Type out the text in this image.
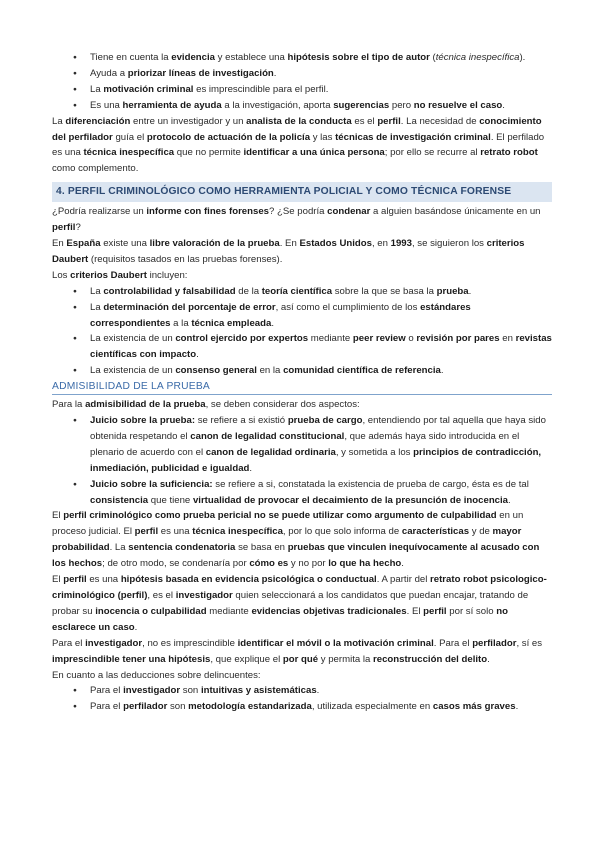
● Tiene en cuenta la evidencia y establece una hipótesis sobre el tipo de autor (técnica inespecífica).
● Ayuda a priorizar líneas de investigación.
● La motivación criminal es imprescindible para el perfil.
● Es una herramienta de ayuda a la investigación, aporta sugerencias pero no resuelve el caso.

La diferenciación entre un investigador y un analista de la conducta es el perfil. La necesidad de conocimiento del perfilador guía el protocolo de actuación de la policía y las técnicas de investigación criminal. El perfilado es una técnica inespecífica que no permite identificar a una única persona; por ello se recurre al retrato robot como complemento.

4. PERFIL CRIMINOLÓGICO COMO HERRAMIENTA POLICIAL Y COMO TÉCNICA FORENSE

¿Podría realizarse un informe con fines forenses? ¿Se podría condenar a alguien basándose únicamente en un perfil?

En España existe una libre valoración de la prueba. En Estados Unidos, en 1993, se siguieron los criterios Daubert (requisitos tasados en las pruebas forenses).

Los criterios Daubert incluyen:

● La controlabilidad y falsabilidad de la teoría científica sobre la que se basa la prueba.
● La determinación del porcentaje de error, así como el cumplimiento de los estándares correspondientes a la técnica empleada.
● La existencia de un control ejercido por expertos mediante peer review o revisión por pares en revistas científicas con impacto.
● La existencia de un consenso general en la comunidad científica de referencia.
ADMISIBILIDAD DE LA PRUEBA

Para la admisibilidad de la prueba, se deben considerar dos aspectos:

● Juicio sobre la prueba: se refiere a si existió prueba de cargo, entendiendo por tal aquella que haya sido obtenida respetando el canon de legalidad constitucional, que además haya sido introducida en el plenario de acuerdo con el canon de legalidad ordinaria, y sometida a los principios de contradicción, inmediación, publicidad e igualdad.
● Juicio sobre la suficiencia: se refiere a si, constatada la existencia de prueba de cargo, ésta es de tal consistencia que tiene virtualidad de provocar el decaimiento de la presunción de inocencia.

El perfil criminológico como prueba pericial no se puede utilizar como argumento de culpabilidad en un proceso judicial. El perfil es una técnica inespecífica, por lo que solo informa de características y de mayor probabilidad. La sentencia condenatoria se basa en pruebas que vinculen inequívocamente al acusado con los hechos; de otro modo, se condenaría por cómo es y no por lo que ha hecho.

El perfil es una hipótesis basada en evidencia psicológica o conductual. A partir del retrato robot psicologico-criminológico (perfil), es el investigador quien seleccionará a los candidatos que puedan encajar, tratando de probar su inocencia o culpabilidad mediante evidencias objetivas tradicionales. El perfil por sí solo no esclarece un caso.

Para el investigador, no es imprescindible identificar el móvil o la motivación criminal. Para el perfilador, sí es imprescindible tener una hipótesis, que explique el por qué y permita la reconstrucción del delito.

En cuanto a las deducciones sobre delincuentes:

● Para el investigador son intuitivas y asistemáticas.
● Para el perfilador son metodología estandarizada, utilizada especialmente en casos más graves.
